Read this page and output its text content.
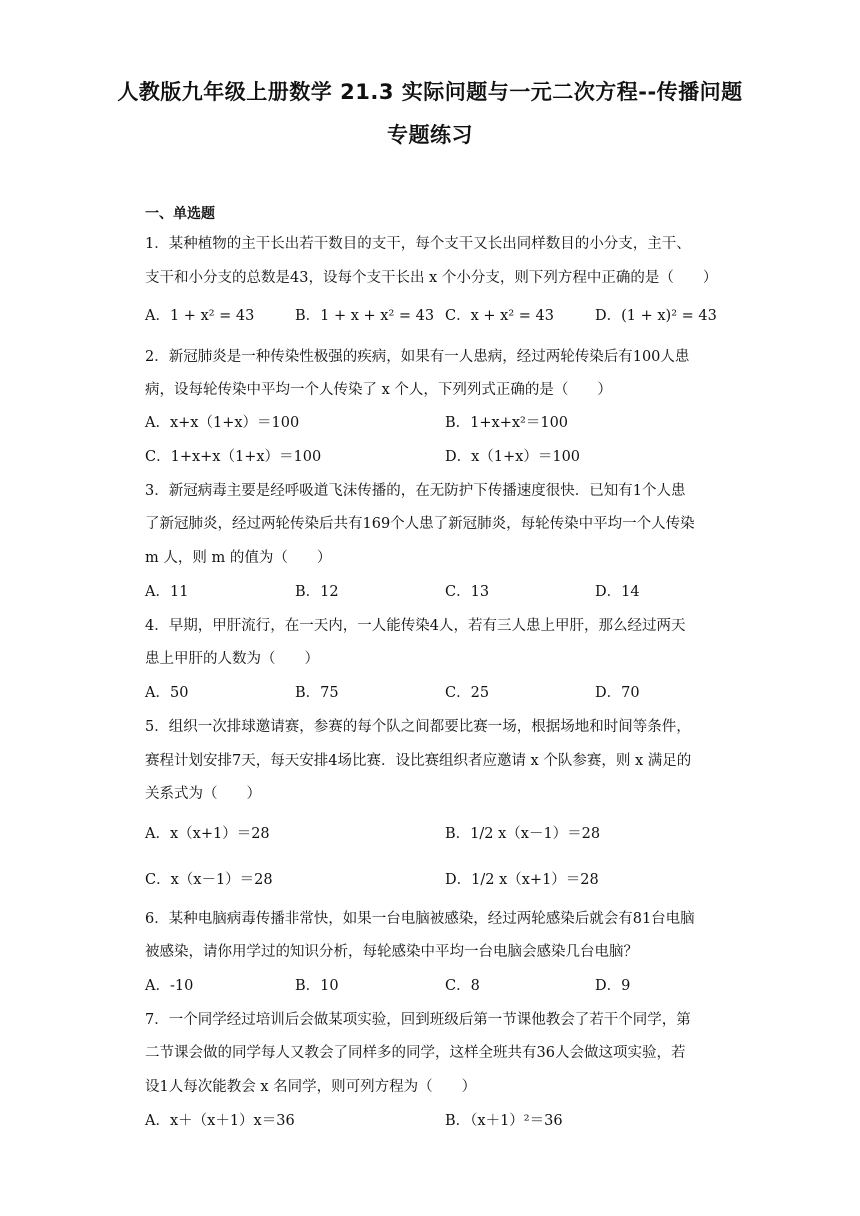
人教版九年级上册数学 21.3 实际问题与一元二次方程--传播问题
专题练习
一、单选题
1．某种植物的主干长出若干数目的支干，每个支干又长出同样数目的小分支，主干、
支干和小分支的总数是43，设每个支干长出 x 个小分支，则下列方程中正确的是（　　）
A．1 + x² = 43	B．1 + x + x² = 43 C．x + x² = 43	D．(1 + x)² = 43
2．新冠肺炎是一种传染性极强的疾病，如果有一人患病，经过两轮传染后有100人患
病，设每轮传染中平均一个人传染了 x 个人，下列列式正确的是（　　）
A．x+x（1+x）＝100	B．1+x+x²＝100
C．1+x+x（1+x）＝100	D．x（1+x）＝100
3．新冠病毒主要是经呼吸道飞沫传播的，在无防护下传播速度很快．已知有1个人患
了新冠肺炎，经过两轮传染后共有169个人患了新冠肺炎，每轮传染中平均一个人传染
m 人，则 m 的值为（　　）
A．11	B．12	C．13	D．14
4．早期，甲肝流行，在一天内，一人能传染4人，若有三人患上甲肝，那么经过两天
患上甲肝的人数为（　　）
A．50	B．75	C．25	D．70
5．组织一次排球邀请赛，参赛的每个队之间都要比赛一场，根据场地和时间等条件，
赛程计划安排7天，每天安排4场比赛．设比赛组织者应邀请 x 个队参赛，则 x 满足的
关系式为（　　）
A．x（x+1）＝28	B．1/2 x（x－1）＝28
C．x（x－1）＝28	D．1/2 x（x+1）＝28
6．某种电脑病毒传播非常快，如果一台电脑被感染，经过两轮感染后就会有81台电脑
被感染，请你用学过的知识分析，每轮感染中平均一台电脑会感染几台电脑？
A．-10	B．10	C．8	D．9
7．一个同学经过培训后会做某项实验，回到班级后第一节课他教会了若干个同学，第
二节课会做的同学每人又教会了同样多的同学，这样全班共有36人会做这项实验，若
设1人每次能教会 x 名同学，则可列方程为（　　）
A．x＋（x＋1）x＝36	B．（x＋1）²＝36
